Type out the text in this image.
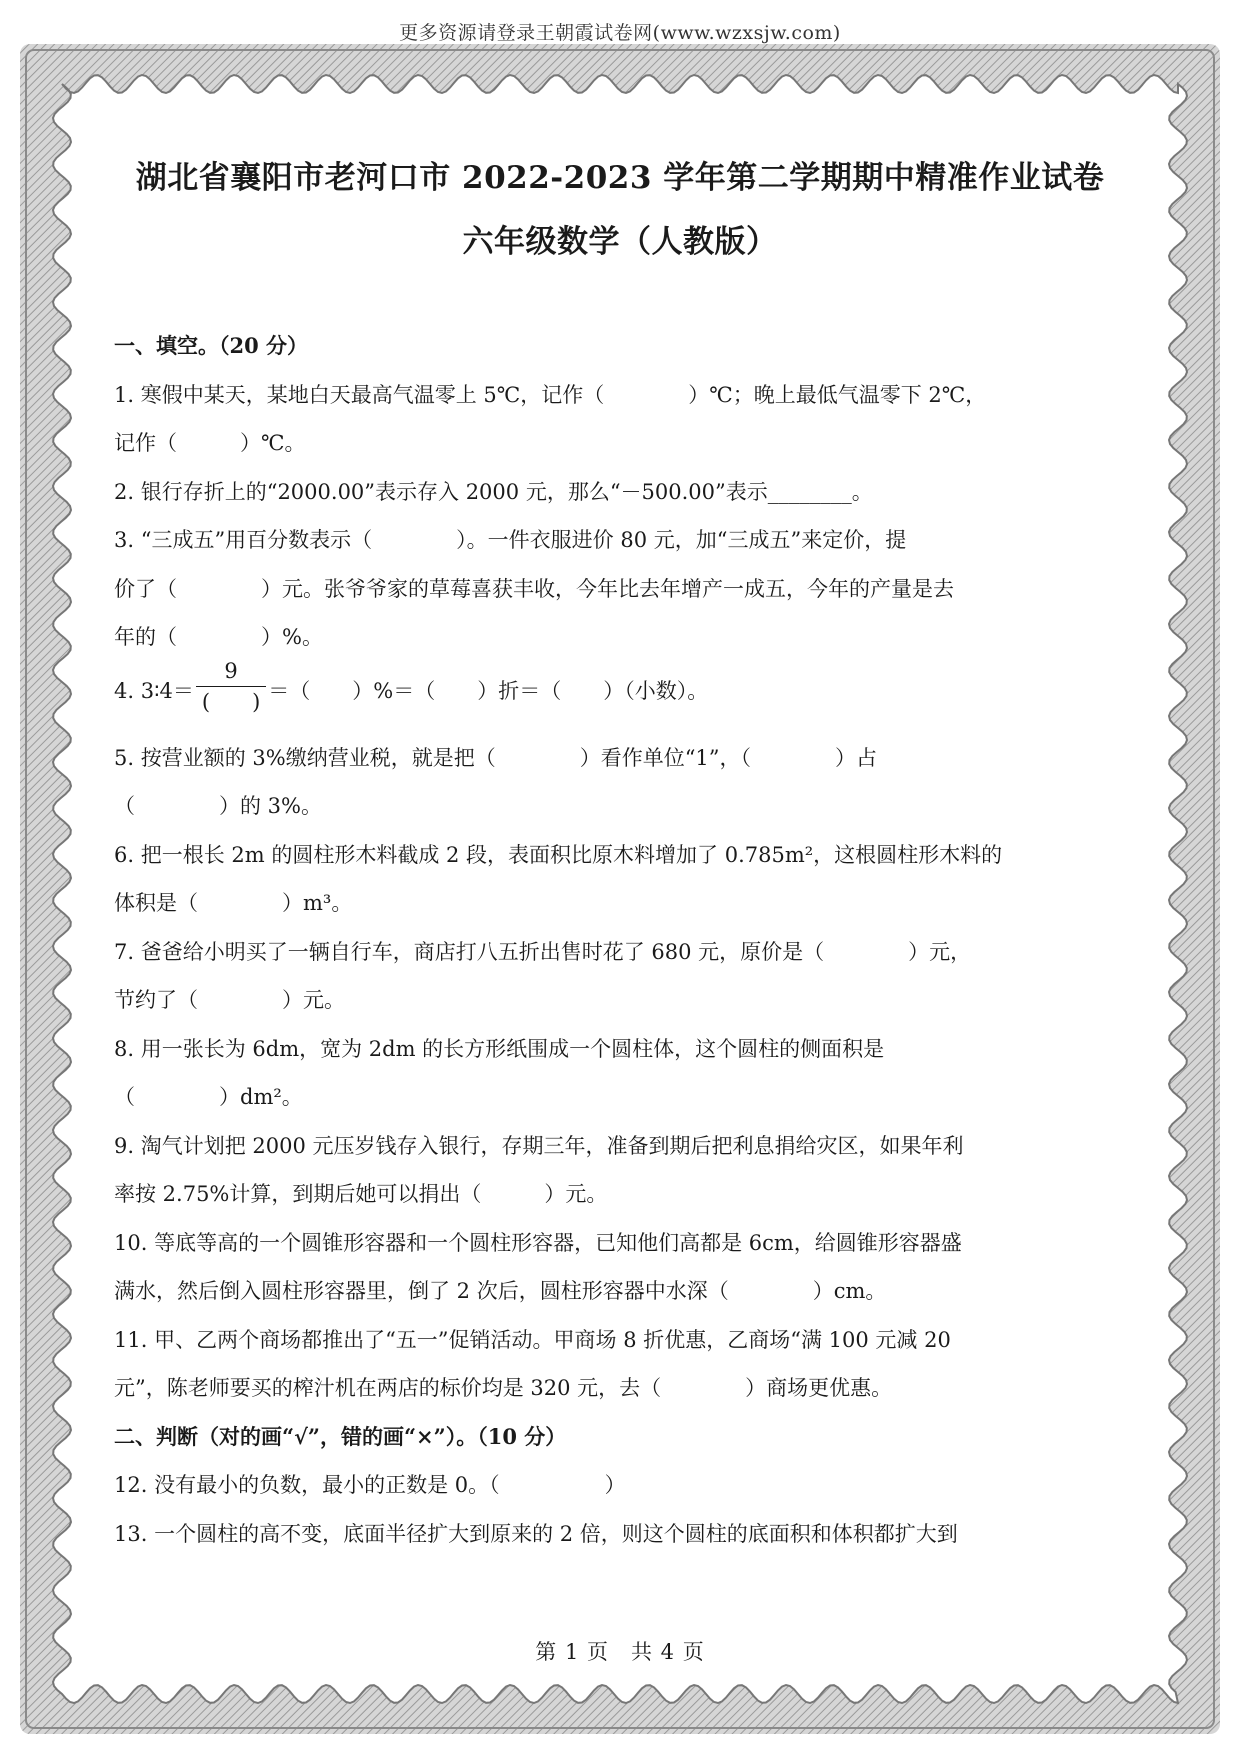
更多资源请登录王朝霞试卷网(www.wzxsjw.com)
湖北省襄阳市老河口市 2022-2023 学年第二学期期中精准作业试卷
六年级数学（人教版）
一、填空。（20 分）
1. 寒假中某天，某地白天最高气温零上 5℃，记作（　　　　）℃；晚上最低气温零下 2℃，
记作（　　　）℃。
2. 银行存折上的“2000.00”表示存入 2000 元，那么“－500.00”表示________。
3. “三成五”用百分数表示（　　　　）。一件衣服进价 80 元，加“三成五”来定价，提
价了（　　　　）元。张爷爷家的草莓喜获丰收，今年比去年增产一成五，今年的产量是去
年的（　　　　）%。
4. 3∶4＝ $\frac{9}{( )}$ ＝（　　）%＝（　　）折＝（　　）（小数）。
5. 按营业额的 3%缴纳营业税，就是把（　　　　）看作单位“1”，（　　　　）占
（　　　　）的 3%。
6. 把一根长 2m 的圆柱形木料截成 2 段，表面积比原木料增加了 0.785m²，这根圆柱形木料的
体积是（　　　　）m³。
7. 爸爸给小明买了一辆自行车，商店打八五折出售时花了 680 元，原价是（　　　　）元，
节约了（　　　　）元。
8. 用一张长为 6dm，宽为 2dm 的长方形纸围成一个圆柱体，这个圆柱的侧面积是
（　　　　）dm²。
9. 淘气计划把 2000 元压岁钱存入银行，存期三年，准备到期后把利息捐给灾区，如果年利
率按 2.75%计算，到期后她可以捐出（　　　）元。
10. 等底等高的一个圆锥形容器和一个圆柱形容器，已知他们高都是 6cm，给圆锥形容器盛
满水，然后倒入圆柱形容器里，倒了 2 次后，圆柱形容器中水深（　　　　）cm。
11. 甲、乙两个商场都推出了“五一”促销活动。甲商场 8 折优惠，乙商场“满 100 元减 20
元”，陈老师要买的榨汁机在两店的标价均是 320 元，去（　　　　）商场更优惠。
二、判断（对的画“√”，错的画“×”）。（10 分）
12. 没有最小的负数，最小的正数是 0。（　　　　　）
13. 一个圆柱的高不变，底面半径扩大到原来的 2 倍，则这个圆柱的底面积和体积都扩大到
第 1 页　共 4 页
